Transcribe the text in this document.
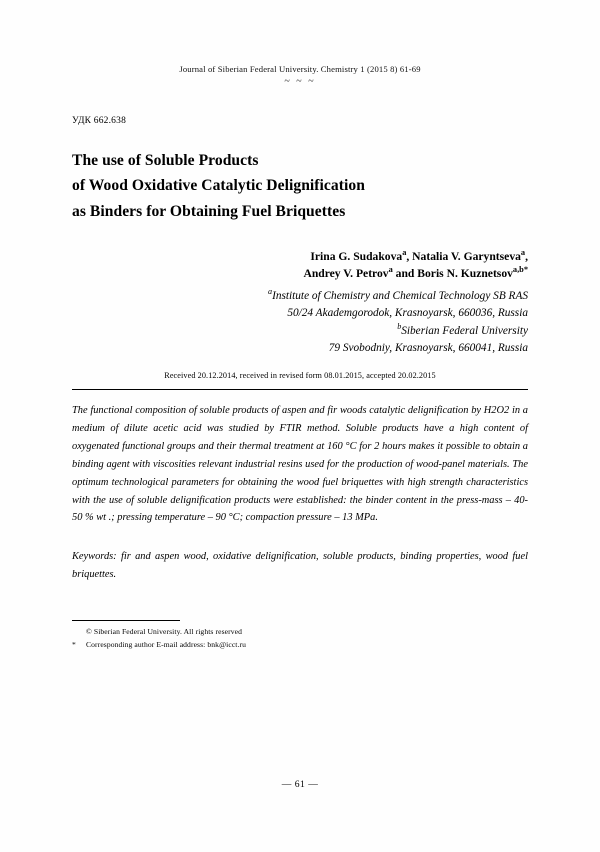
Journal of Siberian Federal University. Chemistry 1 (2015 8) 61-69
~ ~ ~
УДК 662.638
The use of Soluble Products
of Wood Oxidative Catalytic Delignification
as Binders for Obtaining Fuel Briquettes
Irina G. Sudakova$^a$, Natalia V. Garyntseva$^a$,
Andrey V. Petrov$^a$ and Boris N. Kuznetsov$^{a,b*}$
$^a$Institute of Chemistry and Chemical Technology SB RAS
50/24 Akademgorodok, Krasnoyarsk, 660036, Russia
$^b$Siberian Federal University
79 Svobodniy, Krasnoyarsk, 660041, Russia
Received 20.12.2014, received in revised form 08.01.2015, accepted 20.02.2015
The functional composition of soluble products of aspen and fir woods catalytic delignification by H2O2 in a medium of dilute acetic acid was studied by FTIR method. Soluble products have a high content of oxygenated functional groups and their thermal treatment at 160 °C for 2 hours makes it possible to obtain a binding agent with viscosities relevant industrial resins used for the production of wood-panel materials. The optimum technological parameters for obtaining the wood fuel briquettes with high strength characteristics with the use of soluble delignification products were established: the binder content in the press-mass – 40-50 % wt .; pressing temperature – 90 °C; compaction pressure – 13 MPa.
Keywords: fir and aspen wood, oxidative delignification, soluble products, binding properties, wood fuel briquettes.
© Siberian Federal University. All rights reserved
*	Corresponding author E-mail address: bnk@icct.ru
— 61 —
